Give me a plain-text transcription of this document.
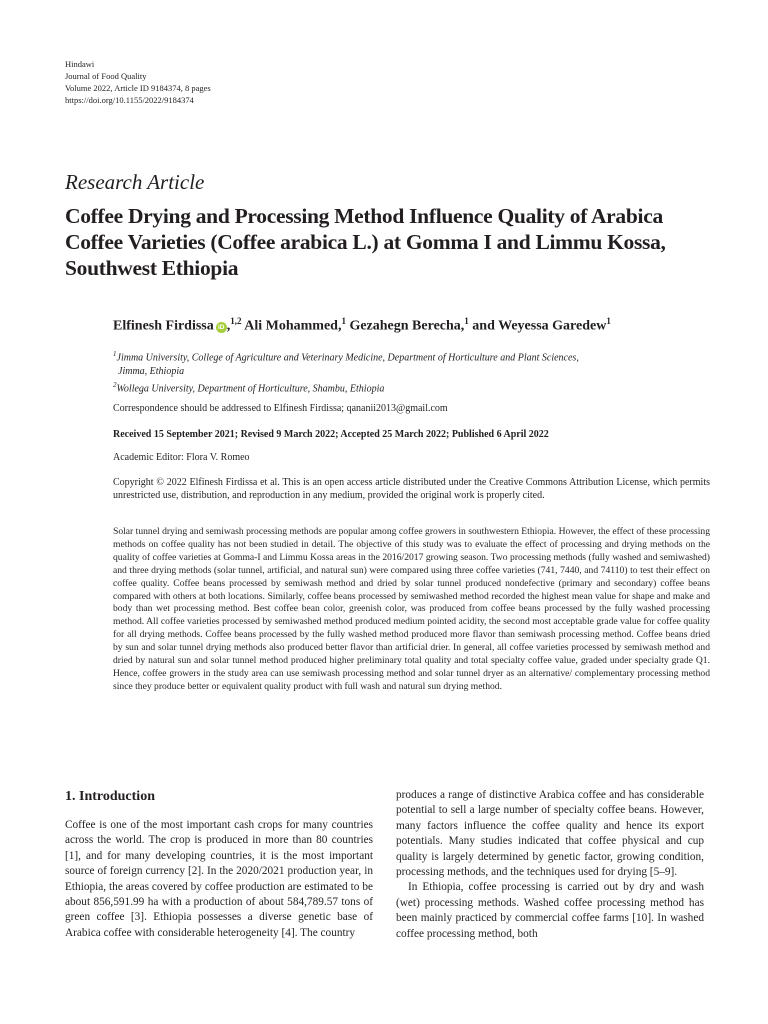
Hindawi
Journal of Food Quality
Volume 2022, Article ID 9184374, 8 pages
https://doi.org/10.1155/2022/9184374
Research Article
Coffee Drying and Processing Method Influence Quality of Arabica Coffee Varieties (Coffee arabica L.) at Gomma I and Limmu Kossa, Southwest Ethiopia
Elfinesh Firdissa iD ,$^{1,2}$ Ali Mohammed,$^1$ Gezahegn Berecha,$^1$ and Weyessa Garedew$^1$
$^1$Jimma University, College of Agriculture and Veterinary Medicine, Department of Horticulture and Plant Sciences,
Jimma, Ethiopia
$^2$Wollega University, Department of Horticulture, Shambu, Ethiopia
Correspondence should be addressed to Elfinesh Firdissa; qananii2013@gmail.com
Received 15 September 2021; Revised 9 March 2022; Accepted 25 March 2022; Published 6 April 2022
Academic Editor: Flora V. Romeo
Copyright © 2022 Elfinesh Firdissa et al. This is an open access article distributed under the Creative Commons Attribution License, which permits unrestricted use, distribution, and reproduction in any medium, provided the original work is properly cited.
Solar tunnel drying and semiwash processing methods are popular among coffee growers in southwestern Ethiopia. However, the effect of these processing methods on coffee quality has not been studied in detail. The objective of this study was to evaluate the effect of processing and drying methods on the quality of coffee varieties at Gomma-I and Limmu Kossa areas in the 2016/2017 growing season. Two processing methods (fully washed and semiwashed) and three drying methods (solar tunnel, artificial, and natural sun) were compared using three coffee varieties (741, 7440, and 74110) to test their effect on coffee quality. Coffee beans processed by semiwash method and dried by solar tunnel produced nondefective (primary and secondary) coffee beans compared with others at both locations. Similarly, coffee beans processed by semiwashed method recorded the highest mean value for shape and make and body than wet processing method. Best coffee bean color, greenish color, was produced from coffee beans processed by the fully washed processing method. All coffee varieties processed by semiwashed method produced medium pointed acidity, the second most acceptable grade value for coffee quality for all drying methods. Coffee beans processed by the fully washed method produced more flavor than semiwash processing method. Coffee beans dried by sun and solar tunnel drying methods also produced better flavor than artificial drier. In general, all coffee varieties processed by semiwash method and dried by natural sun and solar tunnel method produced higher preliminary total quality and total specialty coffee value, graded under specialty grade Q1. Hence, coffee growers in the study area can use semiwash processing method and solar tunnel dryer as an alternative/ complementary processing method since they produce better or equivalent quality product with full wash and natural sun drying method.
1. Introduction
Coffee is one of the most important cash crops for many countries across the world. The crop is produced in more than 80 countries [1], and for many developing countries, it is the most important source of foreign currency [2]. In the 2020/2021 production year, in Ethiopia, the areas covered by coffee production are estimated to be about 856,591.99 ha with a production of about 584,789.57 tons of green coffee [3]. Ethiopia possesses a diverse genetic base of Arabica coffee with considerable heterogeneity [4]. The country
produces a range of distinctive Arabica coffee and has considerable potential to sell a large number of specialty coffee beans. However, many factors influence the coffee quality and hence its export potentials. Many studies indicated that coffee physical and cup quality is largely determined by genetic factor, growing condition, processing methods, and the techniques used for drying [5–9].
In Ethiopia, coffee processing is carried out by dry and wash (wet) processing methods. Washed coffee processing method has been mainly practiced by commercial coffee farms [10]. In washed coffee processing method, both
